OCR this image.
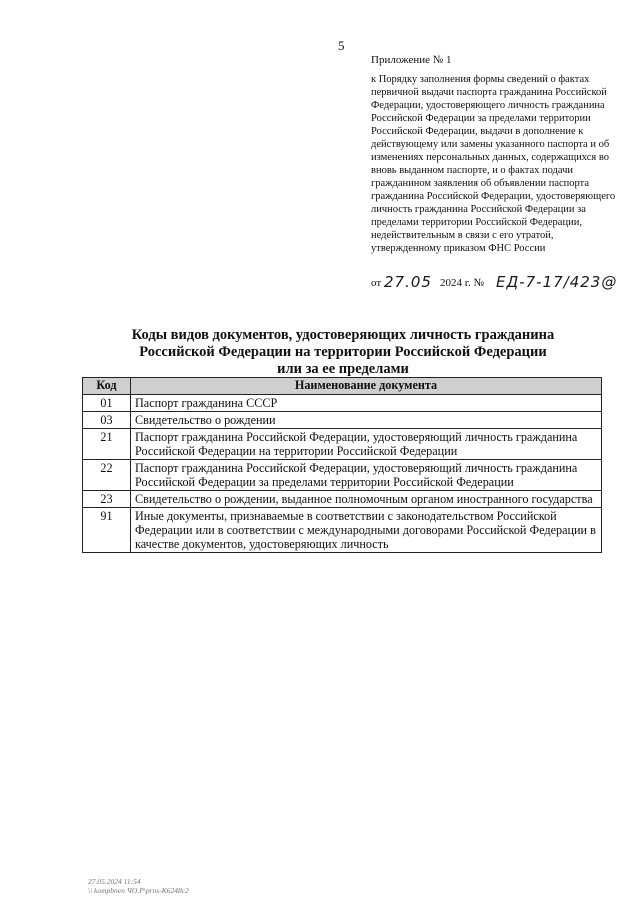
5

Приложение № 1

к Порядку заполнения формы сведений о фактах первичной выдачи паспорта гражданина Российской Федерации, удостоверяющего личность гражданина Российской Федерации за пределами территории Российской Федерации, выдачи в дополнение к действующему или замены указанного паспорта и об изменениях персональных данных, содержащихся во вновь выданном паспорте, и о фактах подачи гражданином заявления об объявлении паспорта гражданина Российской Федерации, удостоверяющего личность гражданина Российской Федерации за пределами территории Российской Федерации, недействительным в связи с его утратой, утвержденному приказом ФНС России

от 27.05 2024 г. № ЕД-7-17/423@
Коды видов документов, удостоверяющих личность гражданина
Российской Федерации на территории Российской Федерации
или за ее пределами
Код	Наименование документа
01	Паспорт гражданина СССР
03	Свидетельство о рождении
21	Паспорт гражданина Российской Федерации, удостоверяющий личность гражданина Российской Федерации на территории Российской Федерации
22	Паспорт гражданина Российской Федерации, удостоверяющий личность гражданина Российской Федерации за пределами территории Российской Федерации
23	Свидетельство о рождении, выданное полномочным органом иностранного государства
91	Иные документы, признаваемые в соответствии с законодательством Российской Федерации или в соответствии с международными договорами Российской Федерации в качестве документов, удостоверяющих личность
27.05.2024 11:54
\\ kompbnen ЧО.Р\prns-K6248c2
